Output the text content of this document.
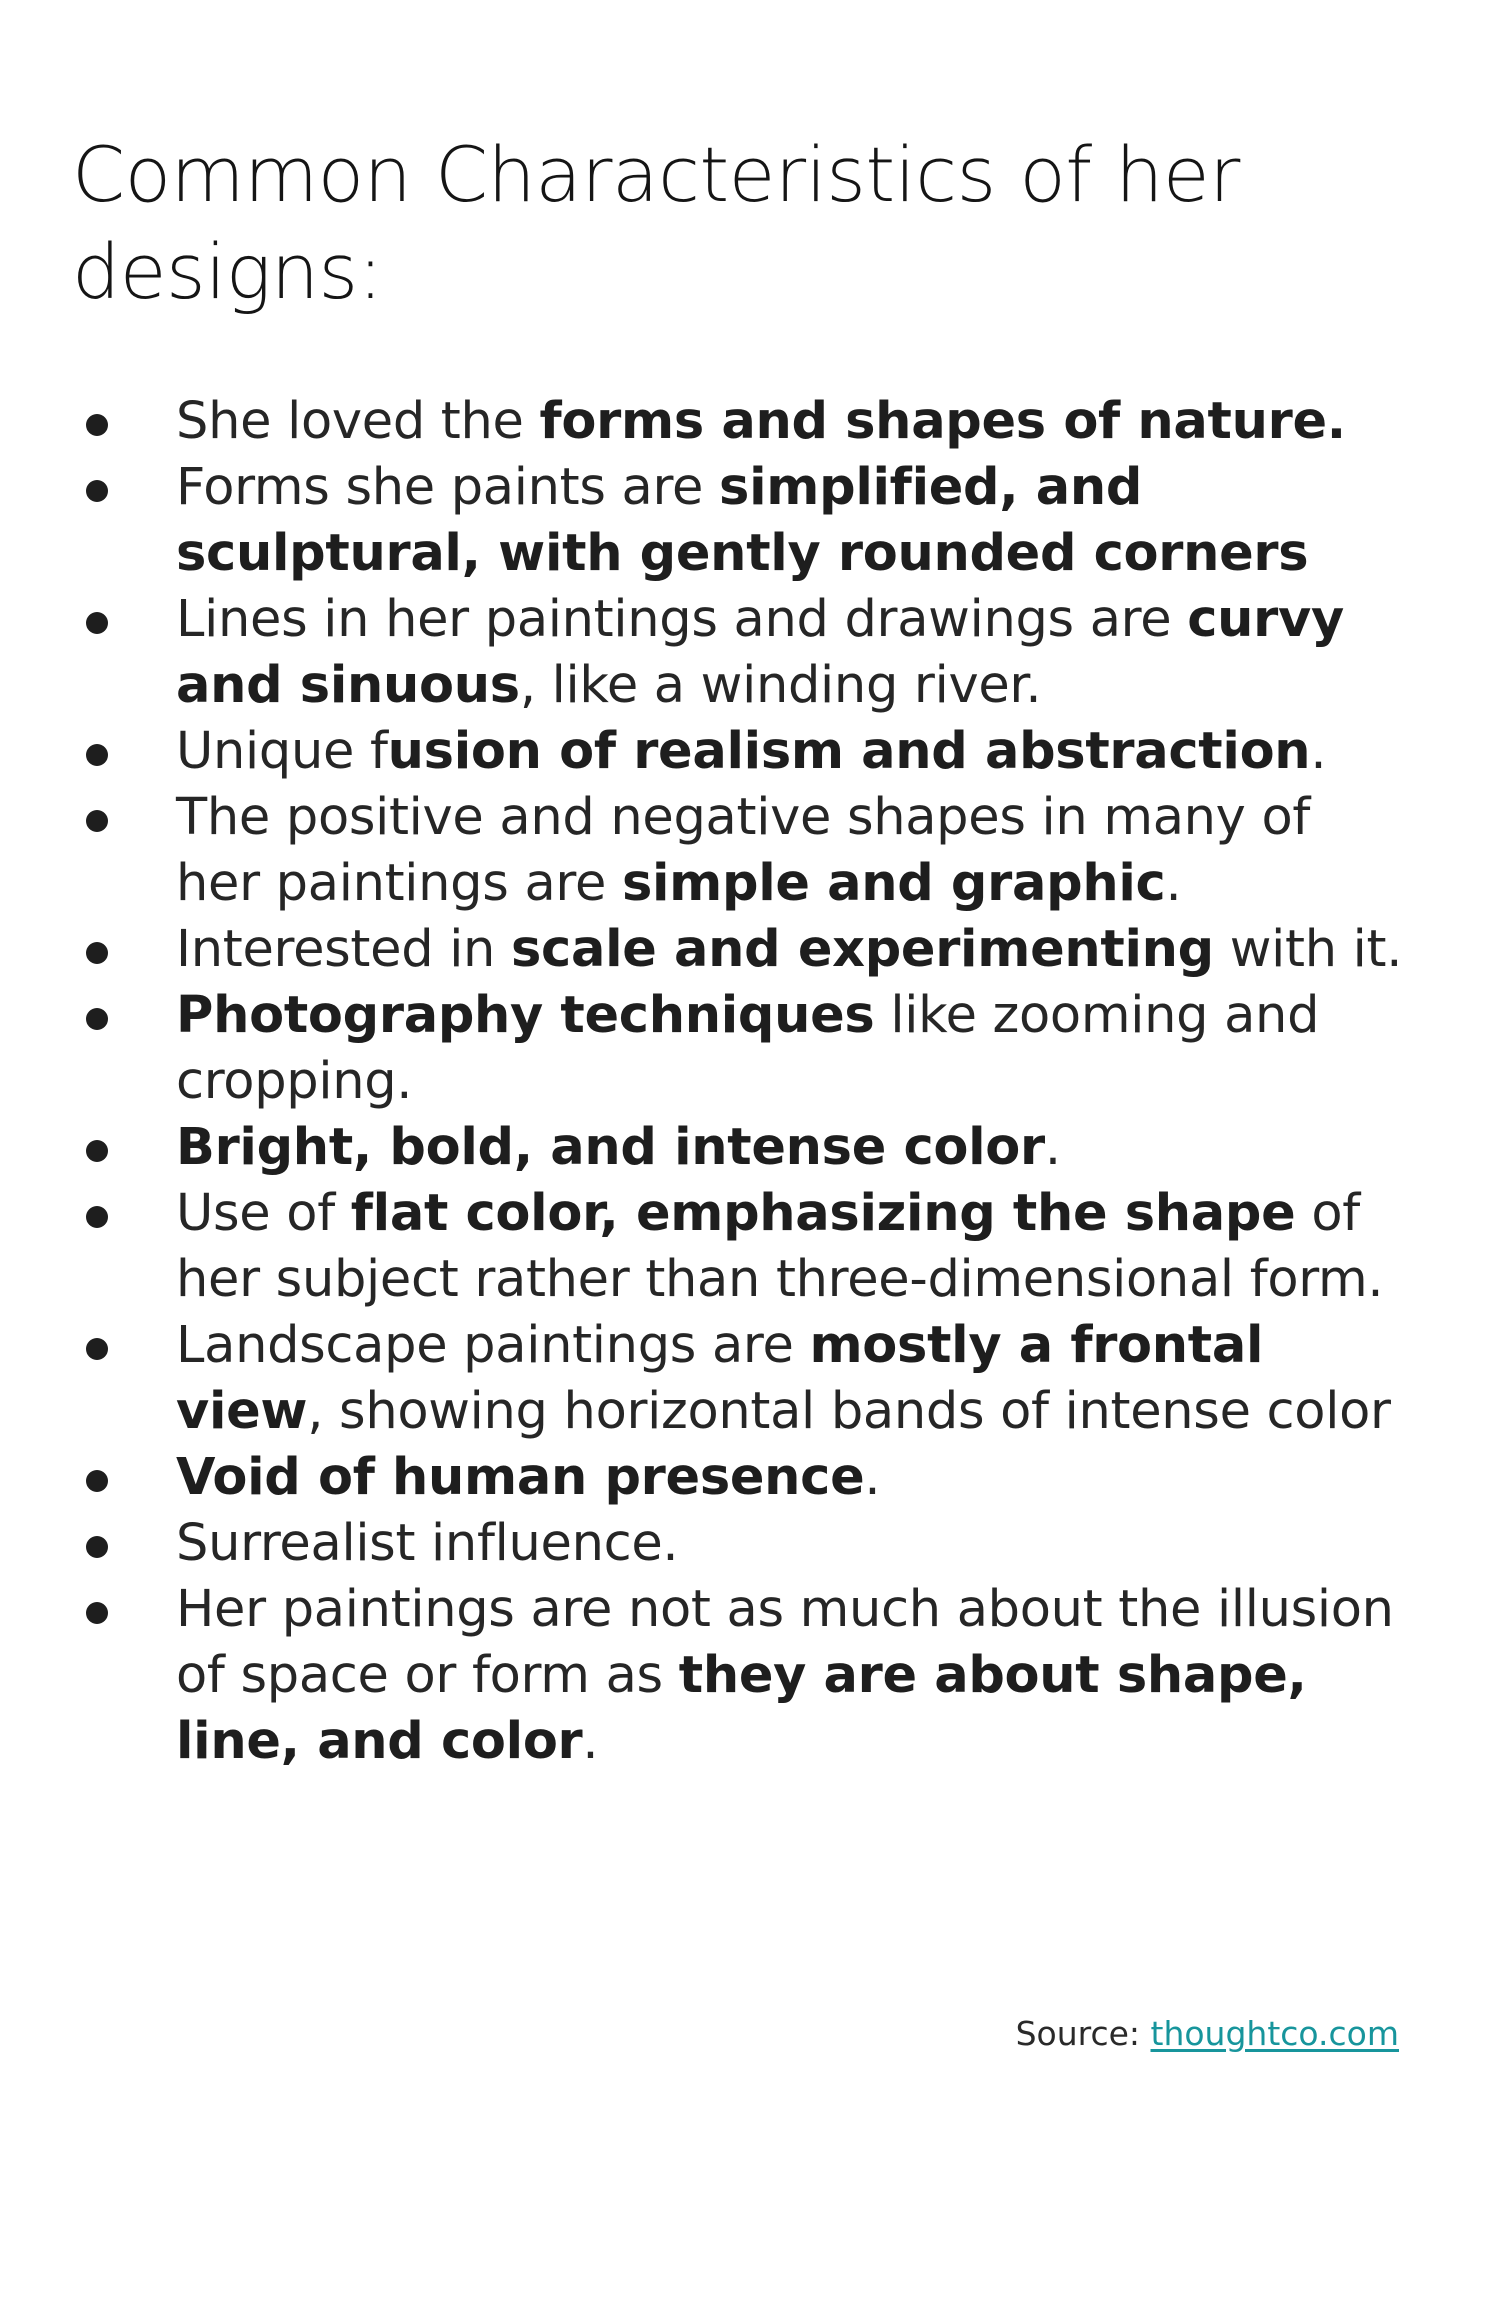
Common Characteristics of her designs:
She loved the forms and shapes of nature.
Forms she paints are simplified, and sculptural, with gently rounded corners
Lines in her paintings and drawings are curvy and sinuous, like a winding river.
Unique fusion of realism and abstraction.
The positive and negative shapes in many of her paintings are simple and graphic.
Interested in scale and experimenting with it.
Photography techniques like zooming and cropping.
Bright, bold, and intense color.
Use of flat color, emphasizing the shape of her subject rather than three-dimensional form.
Landscape paintings are mostly a frontal view, showing horizontal bands of intense color
Void of human presence.
Surrealist influence.
Her paintings are not as much about the illusion of space or form as they are about shape, line, and color.
Source: thoughtco.com
